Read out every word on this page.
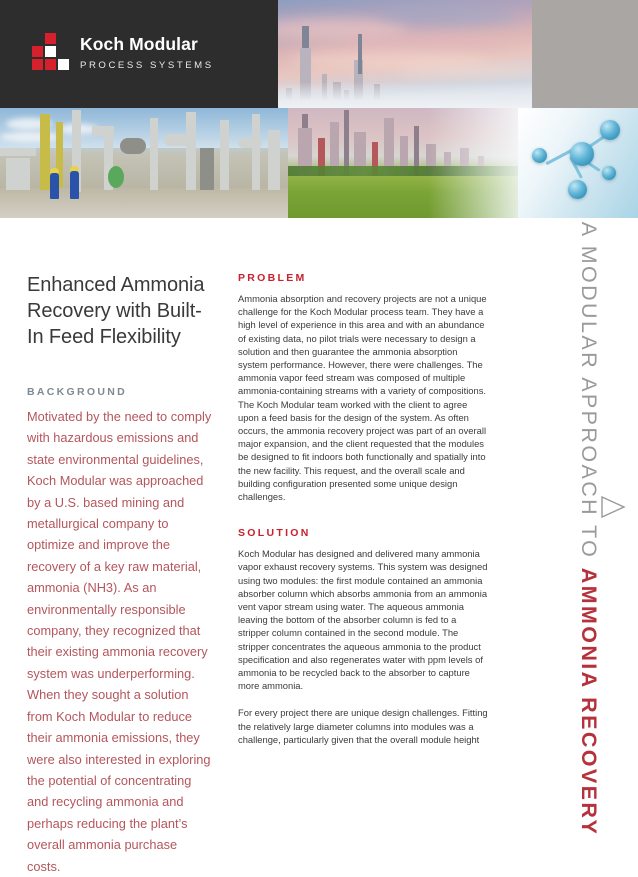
Koch Modular PROCESS SYSTEMS
Enhanced Ammonia Recovery with Built-In Feed Flexibility
BACKGROUND

Motivated by the need to comply with hazardous emissions and state environmental guidelines, Koch Modular was approached by a U.S. based mining and metallurgical company to optimize and improve the recovery of a key raw material, ammonia (NH3). As an environmentally responsible company, they recognized that their existing ammonia recovery system was underperforming. When they sought a solution from Koch Modular to reduce their ammonia emissions, they were also interested in exploring the potential of concentrating and recycling ammonia and perhaps reducing the plant’s overall ammonia purchase costs.

PROBLEM

Ammonia absorption and recovery projects are not a unique challenge for the Koch Modular process team. They have a high level of experience in this area and with an abundance of existing data, no pilot trials were necessary to design a solution and then guarantee the ammonia absorption system performance. However, there were challenges. The ammonia vapor feed stream was composed of multiple ammonia-containing streams with a variety of compositions. The Koch Modular team worked with the client to agree upon a feed basis for the design of the system. As often occurs, the ammonia recovery project was part of an overall major expansion, and the client requested that the modules be designed to fit indoors both functionally and spatially into the new facility. This request, and the overall scale and building configuration presented some unique design challenges.

SOLUTION

Koch Modular has designed and delivered many ammonia vapor exhaust recovery systems. This system was designed using two modules: the first module contained an ammonia absorber column which absorbs ammonia from an ammonia vent vapor stream using water. The aqueous ammonia leaving the bottom of the absorber column is fed to a stripper column contained in the second module. The stripper concentrates the aqueous ammonia to the product specification and also regenerates water with ppm levels of ammonia to be recycled back to the absorber to capture more ammonia.

For every project there are unique design challenges. Fitting the relatively large diameter columns into modules was a challenge, particularly given that the overall module height

A MODULAR APPROACH TO AMMONIA RECOVERY
